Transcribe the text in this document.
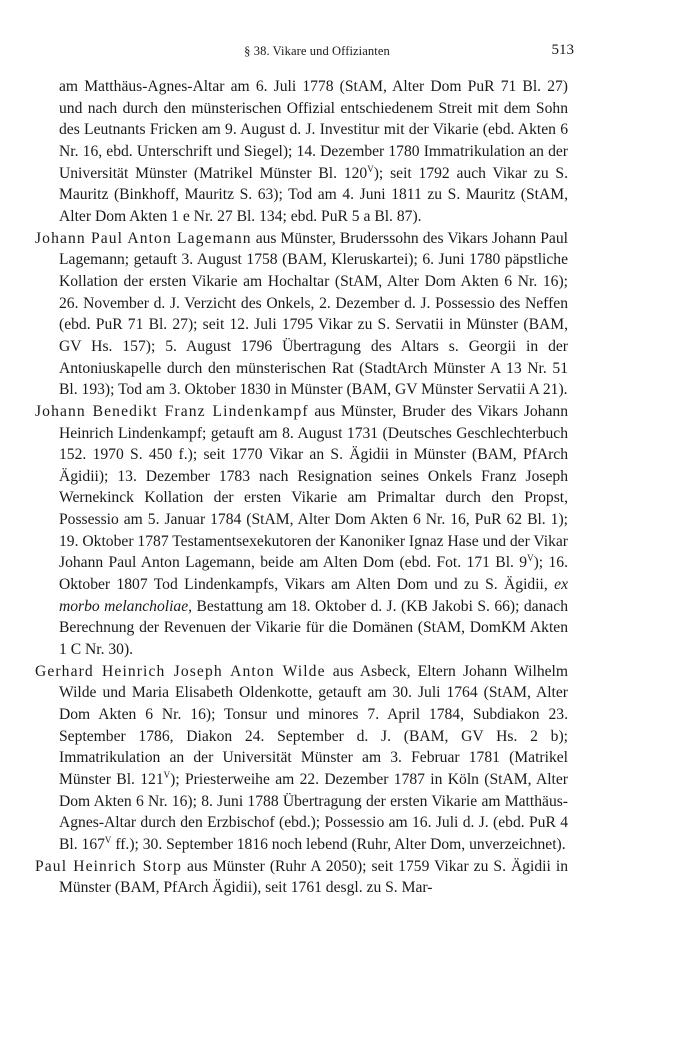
§ 38. Vikare und Offizianten	513

am Matthäus-Agnes-Altar am 6. Juli 1778 (StAM, Alter Dom PuR 71 Bl. 27) und nach durch den münsterischen Offizial entschiedenem Streit mit dem Sohn des Leutnants Fricken am 9. August d. J. Investitur mit der Vikarie (ebd. Akten 6 Nr. 16, ebd. Unterschrift und Siegel); 14. Dezember 1780 Immatrikulation an der Universität Münster (Matrikel Münster Bl. $120^V$); seit 1792 auch Vikar zu S. Mauritz (Binkhoff, Mauritz S. 63); Tod am 4. Juni 1811 zu S. Mauritz (StAM, Alter Dom Akten 1 e Nr. 27 Bl. 134; ebd. PuR 5 a Bl. 87).

Johann Paul Anton Lagemann aus Münster, Bruderssohn des Vikars Johann Paul Lagemann; getauft 3. August 1758 (BAM, Kleruskartei); 6. Juni 1780 päpstliche Kollation der ersten Vikarie am Hochaltar (StAM, Alter Dom Akten 6 Nr. 16); 26. November d. J. Verzicht des Onkels, 2. Dezember d. J. Possessio des Neffen (ebd. PuR 71 Bl. 27); seit 12. Juli 1795 Vikar zu S. Servatii in Münster (BAM, GV Hs. 157); 5. August 1796 Übertragung des Altars s. Georgii in der Antoniuskapelle durch den münsterischen Rat (StadtArch Münster A 13 Nr. 51 Bl. 193); Tod am 3. Oktober 1830 in Münster (BAM, GV Münster Servatii A 21).

Johann Benedikt Franz Lindenkampf aus Münster, Bruder des Vikars Johann Heinrich Lindenkampf; getauft am 8. August 1731 (Deutsches Geschlechterbuch 152. 1970 S. 450 f.); seit 1770 Vikar an S. Ägidii in Münster (BAM, PfArch Ägidii); 13. Dezember 1783 nach Resignation seines Onkels Franz Joseph Wernekinck Kollation der ersten Vikarie am Primaltar durch den Propst, Possessio am 5. Januar 1784 (StAM, Alter Dom Akten 6 Nr. 16, PuR 62 Bl. 1); 19. Oktober 1787 Testamentsexekutoren der Kanoniker Ignaz Hase und der Vikar Johann Paul Anton Lagemann, beide am Alten Dom (ebd. Fot. 171 Bl. $9^V$); 16. Oktober 1807 Tod Lindenkampfs, Vikars am Alten Dom und zu S. Ägidii, ex morbo melancholiae, Bestattung am 18. Oktober d. J. (KB Jakobi S. 66); danach Berechnung der Revenuen der Vikarie für die Domänen (StAM, DomKM Akten 1 C Nr. 30).

Gerhard Heinrich Joseph Anton Wilde aus Asbeck, Eltern Johann Wilhelm Wilde und Maria Elisabeth Oldenkotte, getauft am 30. Juli 1764 (StAM, Alter Dom Akten 6 Nr. 16); Tonsur und minores 7. April 1784, Subdiakon 23. September 1786, Diakon 24. September d. J. (BAM, GV Hs. 2 b); Immatrikulation an der Universität Münster am 3. Februar 1781 (Matrikel Münster Bl. $121^V$); Priesterweihe am 22. Dezember 1787 in Köln (StAM, Alter Dom Akten 6 Nr. 16); 8. Juni 1788 Übertragung der ersten Vikarie am Matthäus-Agnes-Altar durch den Erzbischof (ebd.); Possessio am 16. Juli d. J. (ebd. PuR 4 Bl. $167^V$ ff.); 30. September 1816 noch lebend (Ruhr, Alter Dom, unverzeichnet).

Paul Heinrich Storp aus Münster (Ruhr A 2050); seit 1759 Vikar zu S. Ägidii in Münster (BAM, PfArch Ägidii), seit 1761 desgl. zu S. Mar-
